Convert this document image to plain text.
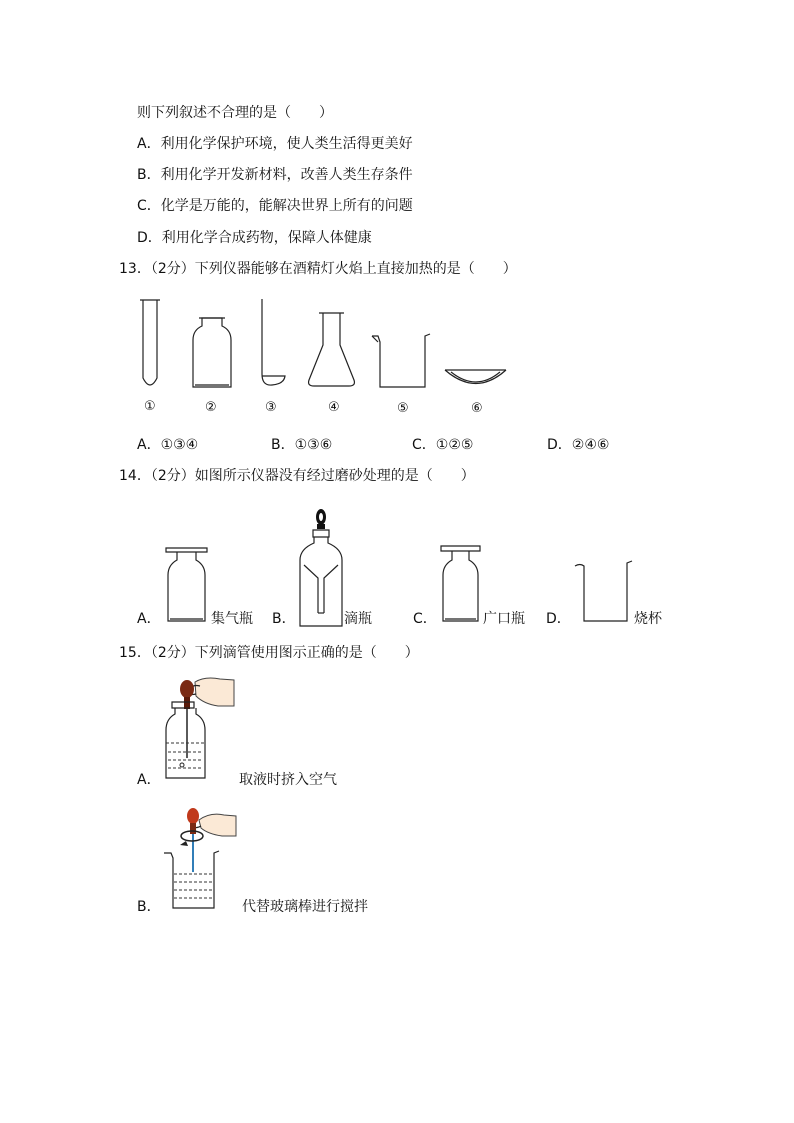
则下列叙述不合理的是（　　）
A．利用化学保护环境，使人类生活得更美好
B．利用化学开发新材料，改善人类生存条件
C．化学是万能的，能解决世界上所有的问题
D．利用化学合成药物，保障人体健康
13．（2分）下列仪器能够在酒精灯火焰上直接加热的是（　　）
①	②	③	④	⑤	⑥
A．①③④	B．①③⑥	C．①②⑤	D．②④⑥
14．（2分）如图所示仪器没有经过磨砂处理的是（　　）
A．	集气瓶 B．	滴瓶	C．	广口瓶 D．	烧杯
15．（2分）下列滴管使用图示正确的是（　　）
A．	取液时挤入空气
B．	代替玻璃棒进行搅拌
